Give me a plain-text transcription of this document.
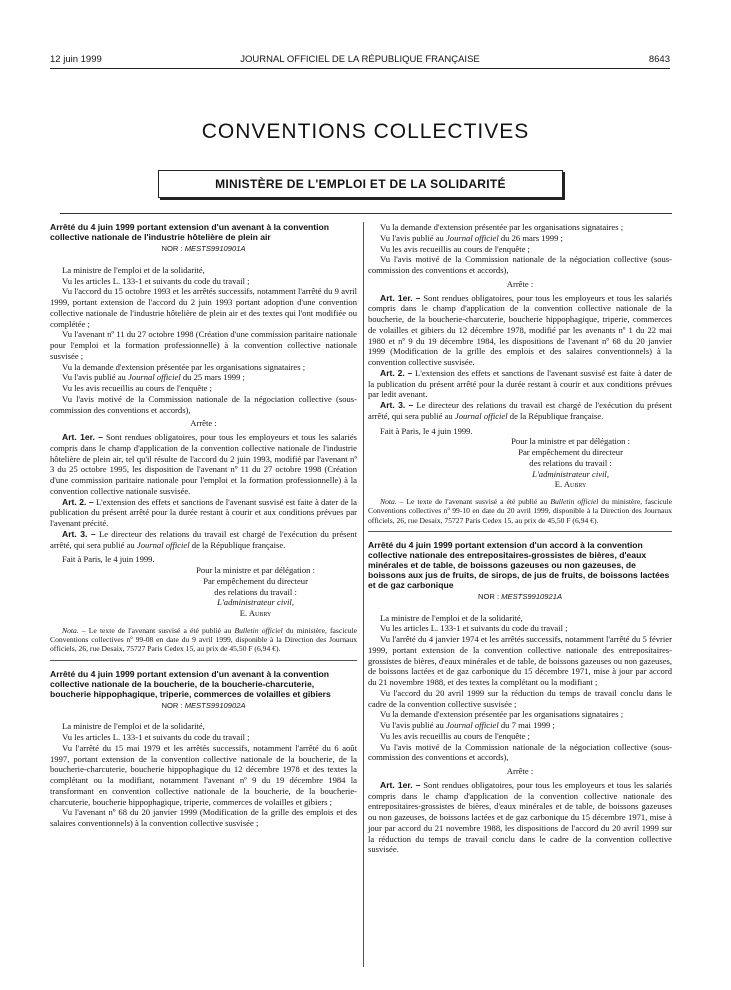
12 juin 1999	JOURNAL OFFICIEL DE LA RÉPUBLIQUE FRANÇAISE	8643
CONVENTIONS COLLECTIVES
MINISTÈRE DE L'EMPLOI ET DE LA SOLIDARITÉ

Arrêté du 4 juin 1999 portant extension d'un avenant à la convention collective nationale de l'industrie hôtelière de plein air

NOR : MESTS9910901A

La ministre de l'emploi et de la solidarité,

Vu les articles L. 133-1 et suivants du code du travail ;

Vu l'accord du 15 octobre 1993 et les arrêtés successifs, notamment l'arrêté du 9 avril 1999, portant extension de l'accord du 2 juin 1993 portant adoption d'une convention collective nationale de l'industrie hôtelière de plein air et des textes qui l'ont modifiée ou complétée ;

Vu l'avenant nº 11 du 27 octobre 1998 (Création d'une commission paritaire nationale pour l'emploi et la formation professionnelle) à la convention collective nationale susvisée ;

Vu la demande d'extension présentée par les organisations signataires ;

Vu l'avis publié au Journal officiel du 25 mars 1999 ;

Vu les avis recueillis au cours de l'enquête ;

Vu l'avis motivé de la Commission nationale de la négociation collective (sous-commission des conventions et accords),

Arrête :

Art. 1er. – Sont rendues obligatoires, pour tous les employeurs et tous les salariés compris dans le champ d'application de la convention collective nationale de l'industrie hôtelière de plein air, tel qu'il résulte de l'accord du 2 juin 1993, modifié par l'avenant nº 3 du 25 octobre 1995, les disposition de l'avenant nº 11 du 27 octobre 1998 (Création d'une commission paritaire nationale pour l'emploi et la formation professionnelle) à la convention collective nationale susvisée.

Art. 2. – L'extension des effets et sanctions de l'avenant susvisé est faite à dater de la publication du présent arrêté pour la durée restant à courir et aux conditions prévues par l'avenant précité.

Art. 3. – Le directeur des relations du travail est chargé de l'exécution du présent arrêté, qui sera publié au Journal officiel de la République française.

Fait à Paris, le 4 juin 1999.

Pour la ministre et par délégation :
Par empêchement du directeur
des relations du travail :
L'administrateur civil,
E. Aubry

Nota. – Le texte de l'avenant susvisé a été publié au Bulletin officiel du ministère, fascicule Conventions collectives nº 99-08 en date du 9 avril 1999, disponible à la Direction des Journaux officiels, 26, rue Desaix, 75727 Paris Cedex 15, au prix de 45,50 F (6,94 €).

Arrêté du 4 juin 1999 portant extension d'un avenant à la convention collective nationale de la boucherie, de la boucherie-charcuterie, boucherie hippophagique, triperie, commerces de volailles et gibiers

NOR : MESTS9910902A

La ministre de l'emploi et de la solidarité,

Vu les articles L. 133-1 et suivants du code du travail ;

Vu l'arrêté du 15 mai 1979 et les arrêtés successifs, notamment l'arrêté du 6 août 1997, portant extension de la convention collective nationale de la boucherie, de la boucherie-charcuterie, boucherie hippophagique du 12 décembre 1978 et des textes la complétant ou la modifiant, notamment l'avenant nº 9 du 19 décembre 1984 la transformant en convention collective nationale de la boucherie, de la boucherie-charcuterie, boucherie hippophagique, triperie, commerces de volailles et gibiers ;

Vu l'avenant nº 68 du 20 janvier 1999 (Modification de la grille des emplois et des salaires conventionnels) à la convention collective susvisée ;

Vu la demande d'extension présentée par les organisations signataires ;

Vu l'avis publié au Journal officiel du 26 mars 1999 ;

Vu les avis recueillis au cours de l'enquête ;

Vu l'avis motivé de la Commission nationale de la négociation collective (sous-commission des conventions et accords),

Arrête :

Art. 1er. – Sont rendues obligatoires, pour tous les employeurs et tous les salariés compris dans le champ d'application de la convention collective nationale de la boucherie, de la boucherie-charcuterie, boucherie hippophagique, triperie, commerces de volailles et gibiers du 12 décembre 1978, modifié par les avenants nº 1 du 22 mai 1980 et nº 9 du 19 décembre 1984, les dispositions de l'avenant nº 68 du 20 janvier 1999 (Modification de la grille des emplois et des salaires conventionnels) à la convention collective susvisée.

Art. 2. – L'extension des effets et sanctions de l'avenant susvisé est faite à dater de la publication du présent arrêté pour la durée restant à courir et aux conditions prévues par ledit avenant.

Art. 3. – Le directeur des relations du travail est chargé de l'exécution du présent arrêté, qui sera publié au Journal officiel de la République française.

Fait à Paris, le 4 juin 1999.

Pour la ministre et par délégation :
Par empêchement du directeur
des relations du travail :
L'administrateur civil,
E. Aubry

Nota. – Le texte de l'avenant susvisé a été publié au Bulletin officiel du ministère, fascicule Conventions collectives nº 99-10 en date du 20 avril 1999, disponible à la Direction des Journaux officiels, 26, rue Desaix, 75727 Paris Cedex 15, au prix de 45,50 F (6,94 €).

Arrêté du 4 juin 1999 portant extension d'un accord à la convention collective nationale des entrepositaires-grossistes de bières, d'eaux minérales et de table, de boissons gazeuses ou non gazeuses, de boissons aux jus de fruits, de sirops, de jus de fruits, de boissons lactées et de gaz carbonique

NOR : MESTS9910921A

La ministre de l'emploi et de la solidarité,

Vu les articles L. 133-1 et suivants du code du travail ;

Vu l'arrêté du 4 janvier 1974 et les arrêtés successifs, notamment l'arrêté du 5 février 1999, portant extension de la convention collective nationale des entrepositaires-grossistes de bières, d'eaux minérales et de table, de boissons gazeuses ou non gazeuses, de boissons lactées et de gaz carbonique du 15 décembre 1971, mise à jour par accord du 21 novembre 1988, et des textes la complétant ou la modifiant ;

Vu l'accord du 20 avril 1999 sur la réduction du temps de travail conclu dans le cadre de la convention collective susvisée ;

Vu la demande d'extension présentée par les organisations signataires ;

Vu l'avis publié au Journal officiel du 7 mai 1999 ;

Vu les avis recueillis au cours de l'enquête ;

Vu l'avis motivé de la Commission nationale de la négociation collective (sous-commission des conventions et accords),

Arrête :

Art. 1er. – Sont rendues obligatoires, pour tous les employeurs et tous les salariés compris dans le champ d'application de la convention collective nationale des entrepositaires-grossistes de bières, d'eaux minérales et de table, de boissons gazeuses ou non gazeuses, de boissons lactées et de gaz carbonique du 15 décembre 1971, mise à jour par accord du 21 novembre 1988, les dispositions de l'accord du 20 avril 1999 sur la réduction du temps de travail conclu dans le cadre de la convention collective susvisée.
